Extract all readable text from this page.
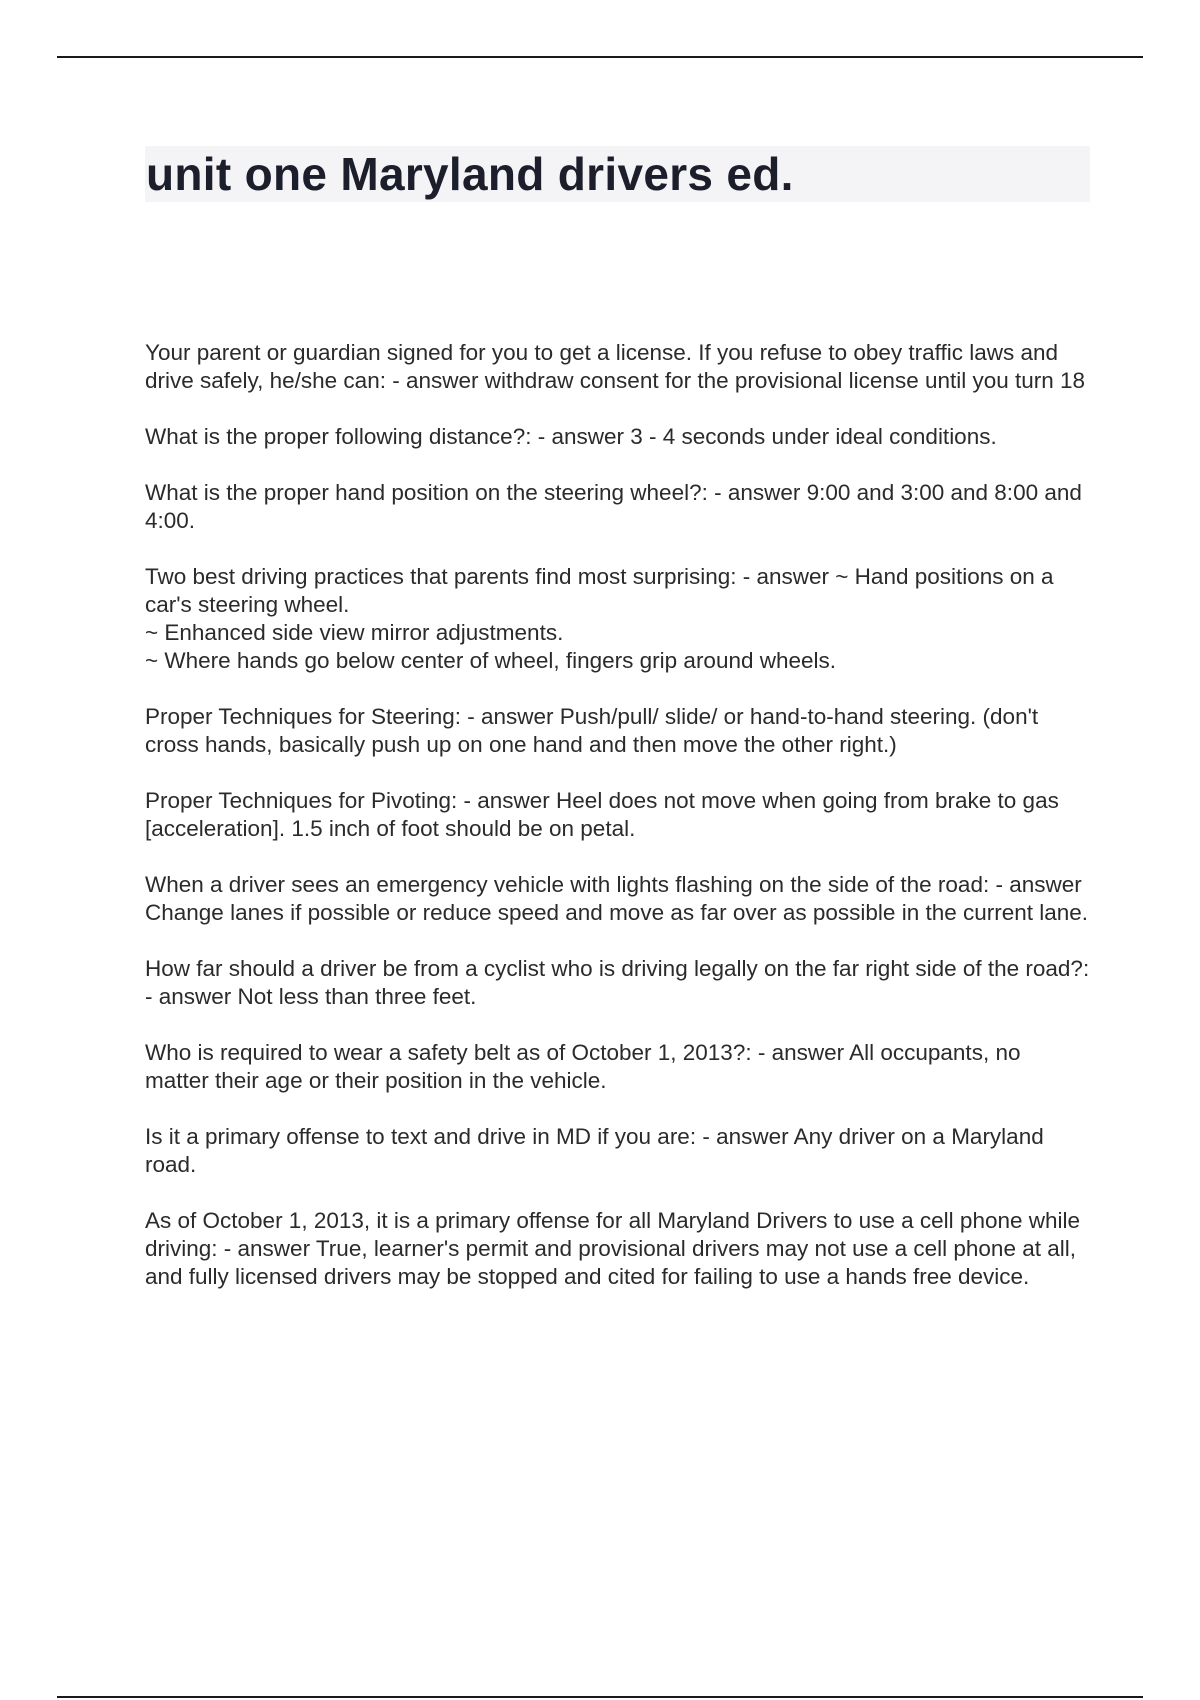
unit one Maryland drivers ed.

Your parent or guardian signed for you to get a license. If you refuse to obey traffic laws and drive safely, he/she can: - answer withdraw consent for the provisional license until you turn 18

What is the proper following distance?: - answer 3 - 4 seconds under ideal conditions.

What is the proper hand position on the steering wheel?: - answer 9:00 and 3:00 and 8:00 and 4:00.

Two best driving practices that parents find most surprising: - answer ~ Hand positions on a car's steering wheel.
~ Enhanced side view mirror adjustments.
~ Where hands go below center of wheel, fingers grip around wheels.

Proper Techniques for Steering: - answer Push/pull/ slide/ or hand-to-hand steering. (don't cross hands, basically push up on one hand and then move the other right.)

Proper Techniques for Pivoting: - answer Heel does not move when going from brake to gas [acceleration]. 1.5 inch of foot should be on petal.

When a driver sees an emergency vehicle with lights flashing on the side of the road: - answer Change lanes if possible or reduce speed and move as far over as possible in the current lane.

How far should a driver be from a cyclist who is driving legally on the far right side of the road?: - answer Not less than three feet.

Who is required to wear a safety belt as of October 1, 2013?: - answer All occupants, no matter their age or their position in the vehicle.

Is it a primary offense to text and drive in MD if you are: - answer Any driver on a Maryland road.

As of October 1, 2013, it is a primary offense for all Maryland Drivers to use a cell phone while driving: - answer True, learner's permit and provisional drivers may not use a cell phone at all, and fully licensed drivers may be stopped and cited for failing to use a hands free device.
